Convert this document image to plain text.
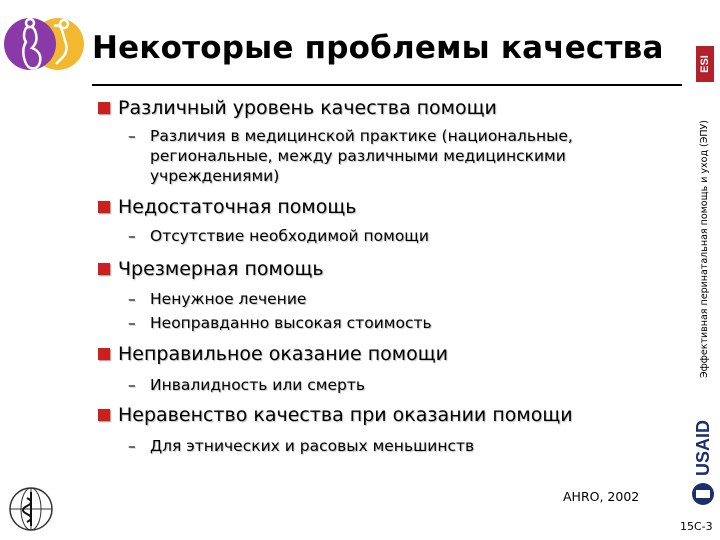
Некоторые проблемы качества	ESI
Эффективная перинатальная помощь и уход (ЭПУ)
Различный уровень качества помощи
– Различия в медицинской практике (национальные, региональные, между различными медицинскими учреждениями)
Недостаточная помощь
– Отсутствие необходимой помощи
Чрезмерная помощь
– Ненужное лечение
– Неоправданно высокая стоимость
Неправильное оказание помощи
– Инвалидность или смерть
Неравенство качества при оказании помощи
– Для этнических и расовых меньшинств	USAID
AHRO, 2002
15C-3
